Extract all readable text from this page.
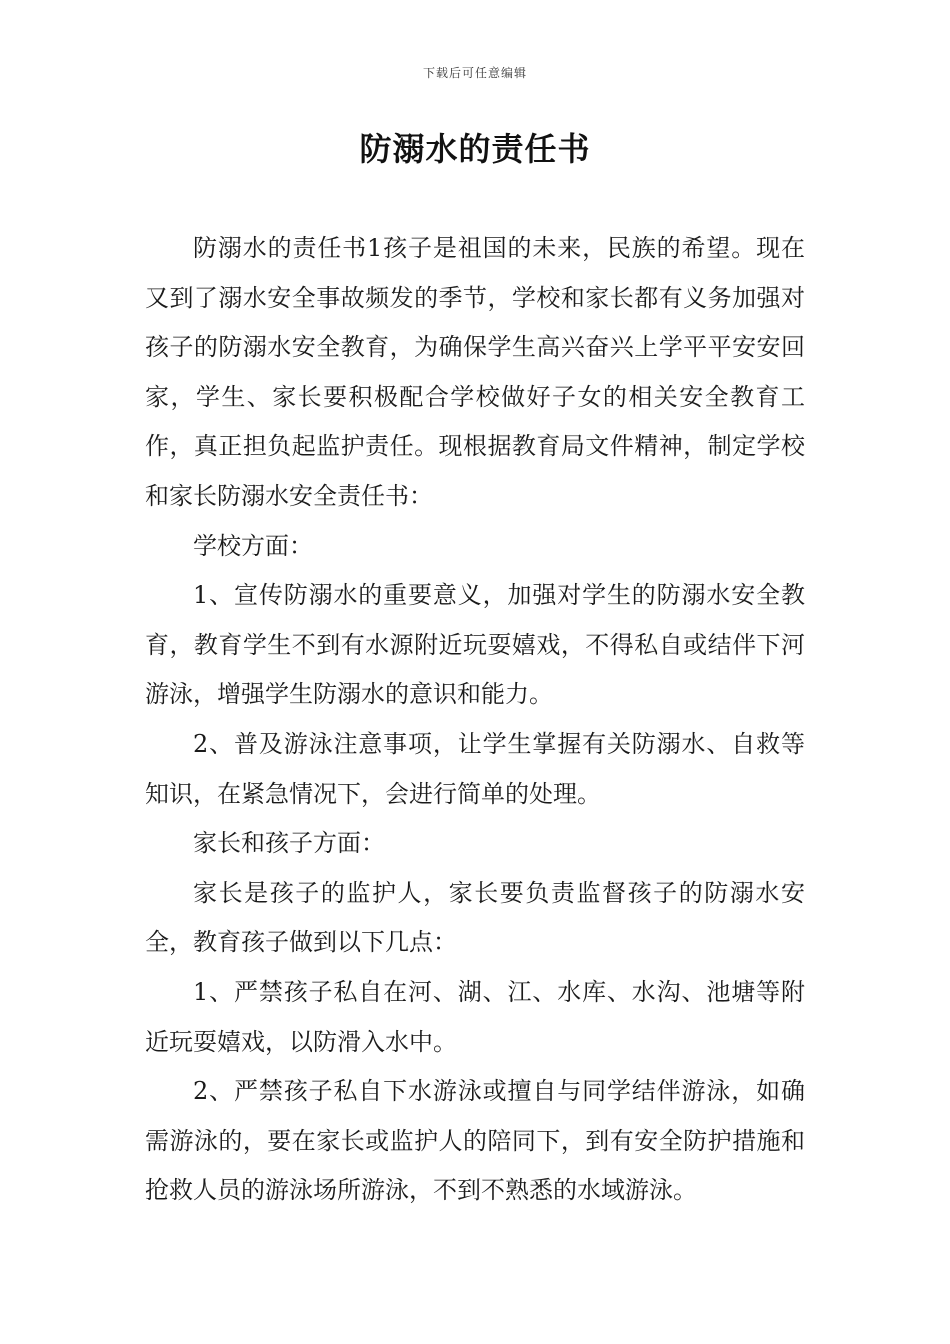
下载后可任意编辑
防溺水的责任书

防溺水的责任书1孩子是祖国的未来，民族的希望。现在又到了溺水安全事故频发的季节，学校和家长都有义务加强对孩子的防溺水安全教育，为确保学生高兴奋兴上学平平安安回家，学生、家长要积极配合学校做好子女的相关安全教育工作，真正担负起监护责任。现根据教育局文件精神，制定学校和家长防溺水安全责任书：

学校方面：

1、宣传防溺水的重要意义，加强对学生的防溺水安全教育，教育学生不到有水源附近玩耍嬉戏，不得私自或结伴下河游泳，增强学生防溺水的意识和能力。

2、普及游泳注意事项，让学生掌握有关防溺水、自救等知识，在紧急情况下，会进行简单的处理。

家长和孩子方面：

家长是孩子的监护人，家长要负责监督孩子的防溺水安全，教育孩子做到以下几点：

1、严禁孩子私自在河、湖、江、水库、水沟、池塘等附近玩耍嬉戏，以防滑入水中。

2、严禁孩子私自下水游泳或擅自与同学结伴游泳，如确需游泳的，要在家长或监护人的陪同下，到有安全防护措施和抢救人员的游泳场所游泳，不到不熟悉的水域游泳。
